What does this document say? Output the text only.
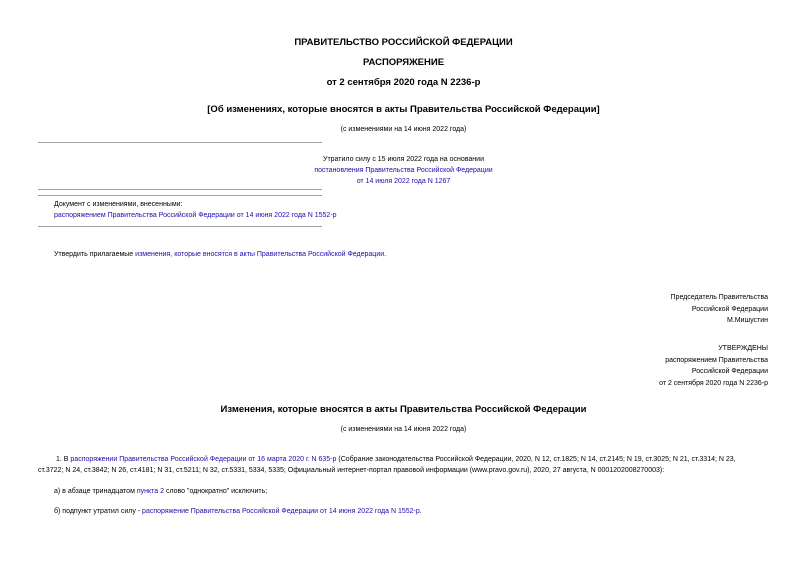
ПРАВИТЕЛЬСТВО РОССИЙСКОЙ ФЕДЕРАЦИИ
РАСПОРЯЖЕНИЕ
от 2 сентября 2020 года N 2236-р
[Об изменениях, которые вносятся в акты Правительства Российской Федерации]
(с изменениями на 14 июня 2022 года)
Утратило силу с 15 июля 2022 года на основании
постановления Правительства Российской Федерации
от 14 июля 2022 года N 1267
Документ с изменениями, внесенными:
распоряжением Правительства Российской Федерации от 14 июня 2022 года N 1552-р
Утвердить прилагаемые изменения, которые вносятся в акты Правительства Российской Федерации.
Председатель Правительства
Российской Федерации
М.Мишустин
УТВЕРЖДЕНЫ
распоряжением Правительства
Российской Федерации
от 2 сентября 2020 года N 2236-р
Изменения, которые вносятся в акты Правительства Российской Федерации
(с изменениями на 14 июня 2022 года)
1. В распоряжении Правительства Российской Федерации от 16 марта 2020 г. N 635-р (Собрание законодательства Российской Федерации, 2020, N 12, ст.1825; N 14, ст.2145; N 19, ст.3025; N 21, ст.3314; N 23,
ст.3722; N 24, ст.3842; N 26, ст.4181; N 31, ст.5211; N 32, ст.5331, 5334, 5335; Официальный интернет-портал правовой информации (www.pravo.gov.ru), 2020, 27 августа, N 0001202008270003):
а) в абзаце тринадцатом пункта 2 слово "однократно" исключить;
б) подпункт утратил силу - распоряжение Правительства Российской Федерации от 14 июня 2022 года N 1552-р.
